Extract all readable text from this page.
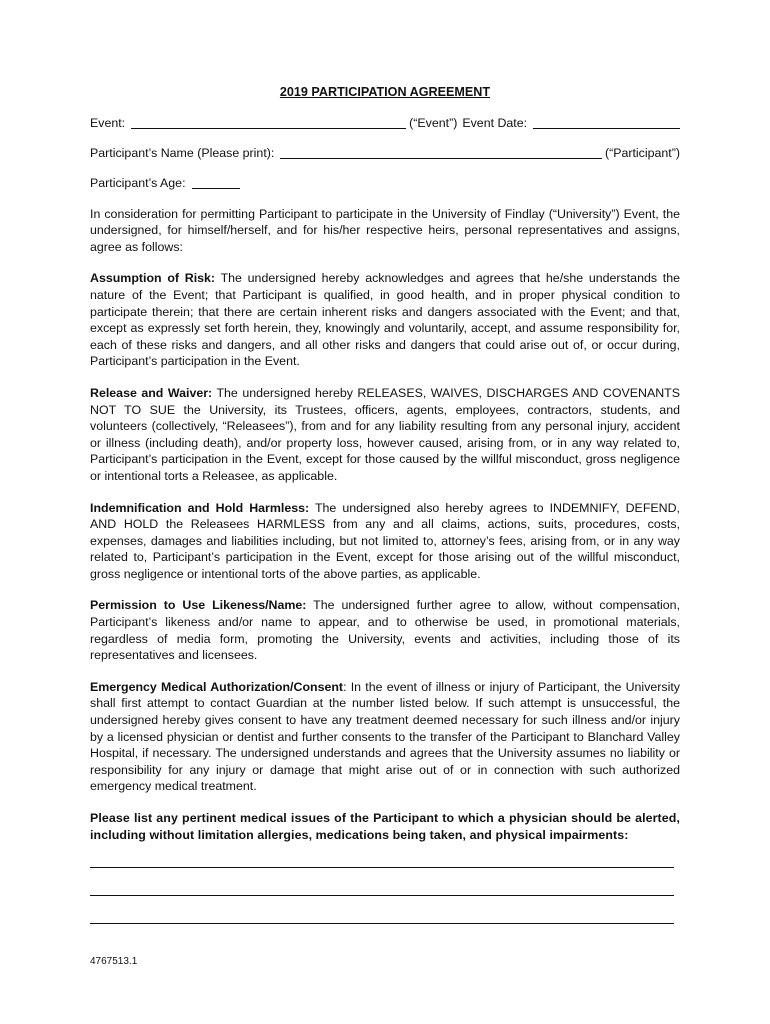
2019 PARTICIPATION AGREEMENT
Event:	(“Event”) Event Date:
Participant’s Name (Please print):	(“Participant”)
Participant’s Age:

In consideration for permitting Participant to participate in the University of Findlay (“University”) Event, the undersigned, for himself/herself, and for his/her respective heirs, personal representatives and assigns, agree as follows:

Assumption of Risk: The undersigned hereby acknowledges and agrees that he/she understands the nature of the Event; that Participant is qualified, in good health, and in proper physical condition to participate therein; that there are certain inherent risks and dangers associated with the Event; and that, except as expressly set forth herein, they, knowingly and voluntarily, accept, and assume responsibility for, each of these risks and dangers, and all other risks and dangers that could arise out of, or occur during, Participant’s participation in the Event.

Release and Waiver: The undersigned hereby RELEASES, WAIVES, DISCHARGES AND COVENANTS NOT TO SUE the University, its Trustees, officers, agents, employees, contractors, students, and volunteers (collectively, “Releasees”), from and for any liability resulting from any personal injury, accident or illness (including death), and/or property loss, however caused, arising from, or in any way related to, Participant’s participation in the Event, except for those caused by the willful misconduct, gross negligence or intentional torts a Releasee, as applicable.

Indemnification and Hold Harmless: The undersigned also hereby agrees to INDEMNIFY, DEFEND, AND HOLD the Releasees HARMLESS from any and all claims, actions, suits, procedures, costs, expenses, damages and liabilities including, but not limited to, attorney’s fees, arising from, or in any way related to, Participant’s participation in the Event, except for those arising out of the willful misconduct, gross negligence or intentional torts of the above parties, as applicable.

Permission to Use Likeness/Name: The undersigned further agree to allow, without compensation, Participant’s likeness and/or name to appear, and to otherwise be used, in promotional materials, regardless of media form, promoting the University, events and activities, including those of its representatives and licensees.

Emergency Medical Authorization/Consent: In the event of illness or injury of Participant, the University shall first attempt to contact Guardian at the number listed below. If such attempt is unsuccessful, the undersigned hereby gives consent to have any treatment deemed necessary for such illness and/or injury by a licensed physician or dentist and further consents to the transfer of the Participant to Blanchard Valley Hospital, if necessary. The undersigned understands and agrees that the University assumes no liability or responsibility for any injury or damage that might arise out of or in connection with such authorized emergency medical treatment.

Please list any pertinent medical issues of the Participant to which a physician should be alerted, including without limitation allergies, medications being taken, and physical impairments:

4767513.1
